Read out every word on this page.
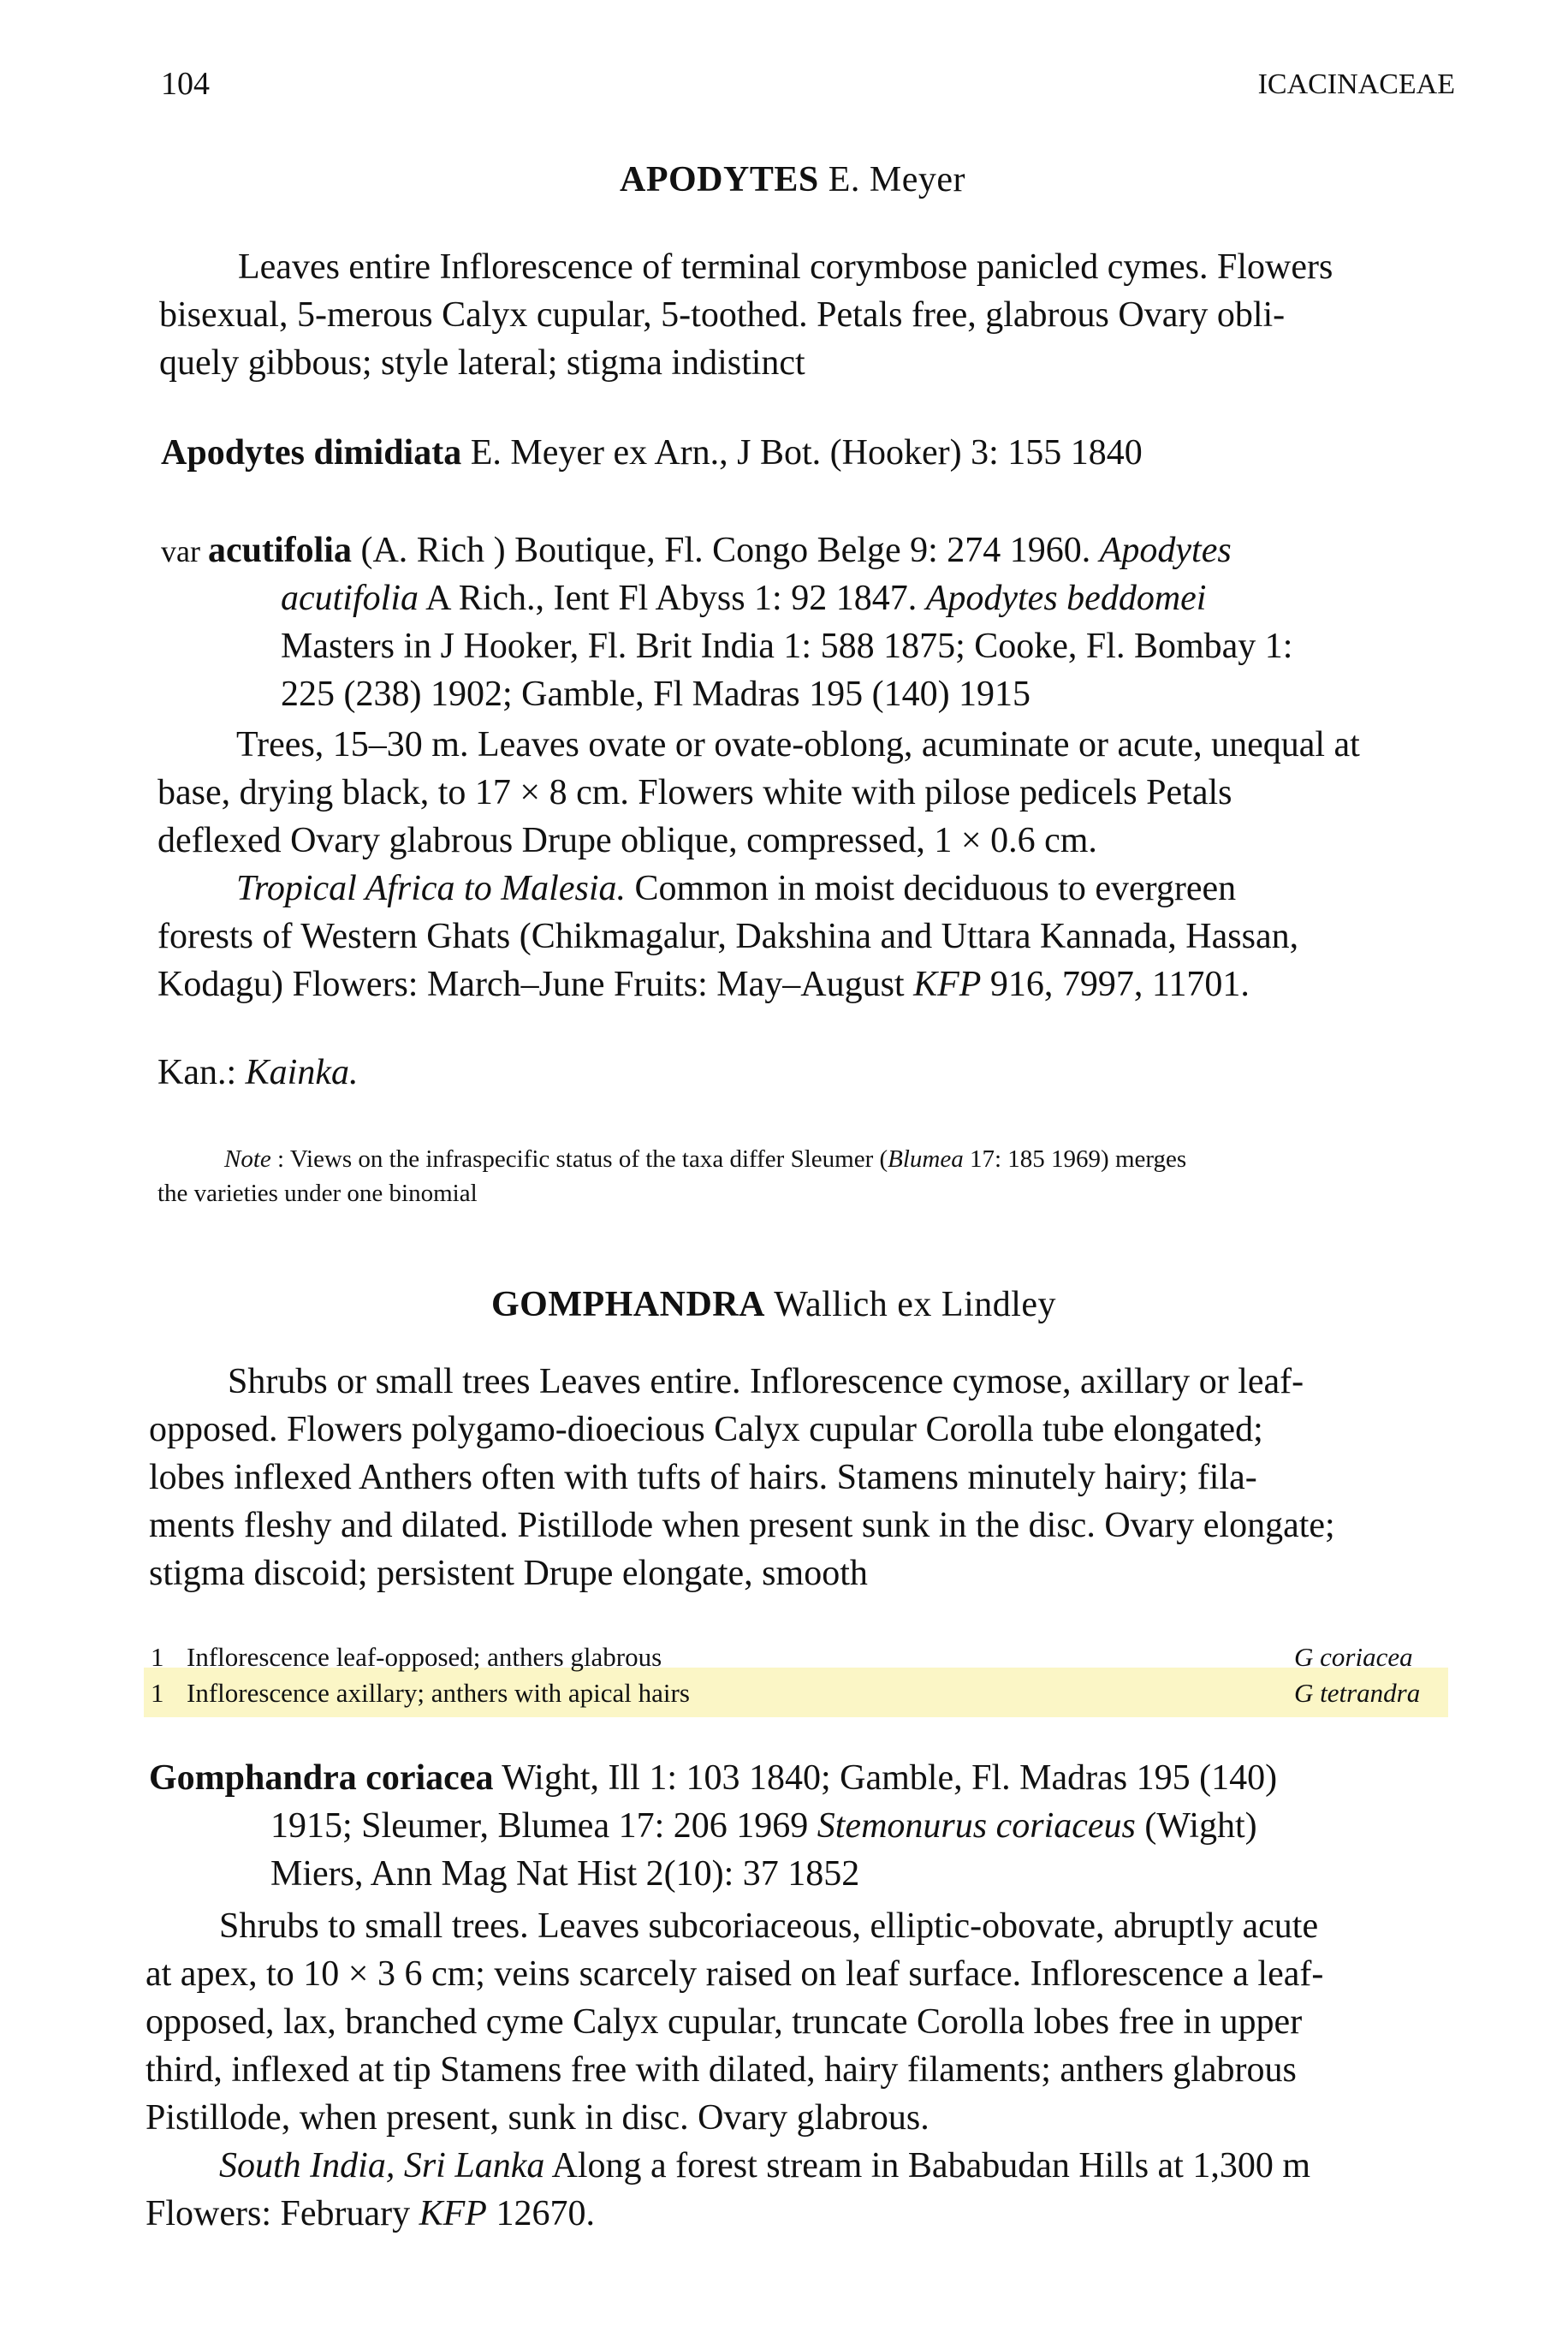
104	ICACINACEAE
APODYTES E. Meyer
Leaves entire Inflorescence of terminal corymbose panicled cymes. Flowers
bisexual, 5-merous Calyx cupular, 5-toothed. Petals free, glabrous Ovary obli-
quely gibbous; style lateral; stigma indistinct
Apodytes dimidiata E. Meyer ex Arn., J Bot. (Hooker) 3: 155 1840
var acutifolia (A. Rich ) Boutique, Fl. Congo Belge 9: 274 1960. Apodytes
acutifolia A Rich., Ient Fl Abyss 1: 92 1847. Apodytes beddomei
Masters in J Hooker, Fl. Brit India 1: 588 1875; Cooke, Fl. Bombay 1:
225 (238) 1902; Gamble, Fl Madras 195 (140) 1915
Trees, 15–30 m. Leaves ovate or ovate-oblong, acuminate or acute, unequal at
base, drying black, to 17 × 8 cm. Flowers white with pilose pedicels Petals
deflexed Ovary glabrous Drupe oblique, compressed, 1 × 0.6 cm.
Tropical Africa to Malesia. Common in moist deciduous to evergreen
forests of Western Ghats (Chikmagalur, Dakshina and Uttara Kannada, Hassan,
Kodagu) Flowers: March–June Fruits: May–August KFP 916, 7997, 11701.
Kan.: Kainka.
Note : Views on the infraspecific status of the taxa differ Sleumer (Blumea 17: 185 1969) merges
the varieties under one binomial
GOMPHANDRA Wallich ex Lindley
Shrubs or small trees Leaves entire. Inflorescence cymose, axillary or leaf-
opposed. Flowers polygamo-dioecious Calyx cupular Corolla tube elongated;
lobes inflexed Anthers often with tufts of hairs. Stamens minutely hairy; fila-
ments fleshy and dilated. Pistillode when present sunk in the disc. Ovary elongate;
stigma discoid; persistent Drupe elongate, smooth
1 Inflorescence leaf-opposed; anthers glabrous	G coriacea
1 Inflorescence axillary; anthers with apical hairs	G tetrandra
Gomphandra coriacea Wight, Ill 1: 103 1840; Gamble, Fl. Madras 195 (140)
1915; Sleumer, Blumea 17: 206 1969 Stemonurus coriaceus (Wight)
Miers, Ann Mag Nat Hist 2(10): 37 1852
Shrubs to small trees. Leaves subcoriaceous, elliptic-obovate, abruptly acute
at apex, to 10 × 3 6 cm; veins scarcely raised on leaf surface. Inflorescence a leaf-
opposed, lax, branched cyme Calyx cupular, truncate Corolla lobes free in upper
third, inflexed at tip Stamens free with dilated, hairy filaments; anthers glabrous
Pistillode, when present, sunk in disc. Ovary glabrous.
South India, Sri Lanka Along a forest stream in Bababudan Hills at 1,300 m
Flowers: February KFP 12670.
